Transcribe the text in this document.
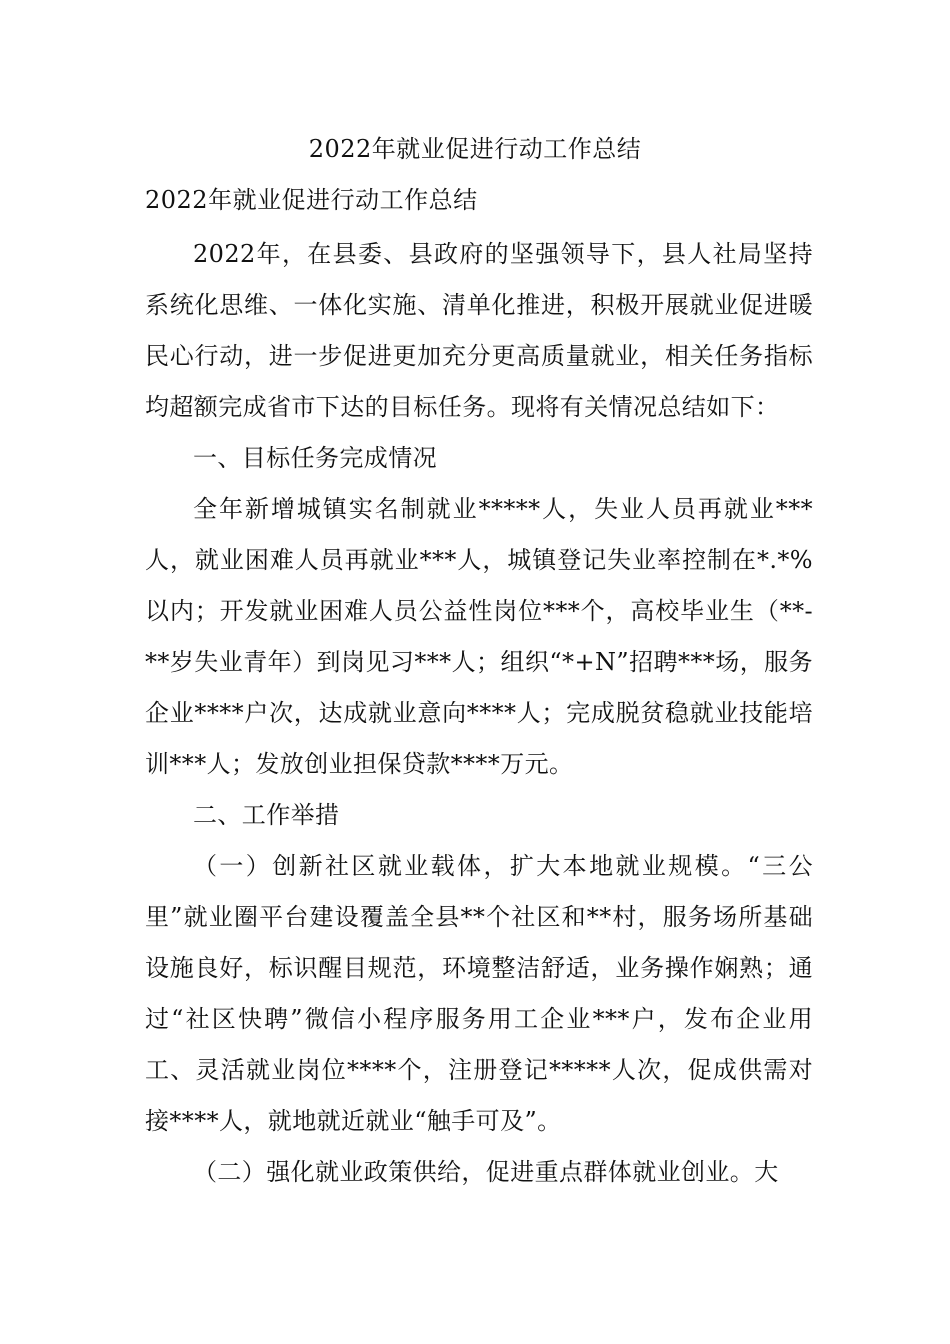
2022年就业促进行动工作总结
2022年就业促进行动工作总结

2022年，在县委、县政府的坚强领导下，县人社局坚持系统化思维、一体化实施、清单化推进，积极开展就业促进暖民心行动，进一步促进更加充分更高质量就业，相关任务指标均超额完成省市下达的目标任务。现将有关情况总结如下：

一、目标任务完成情况

全年新增城镇实名制就业*****人，失业人员再就业***人，就业困难人员再就业***人，城镇登记失业率控制在*.*%以内；开发就业困难人员公益性岗位***个，高校毕业生（**-**岁失业青年）到岗见习***人；组织“*+N”招聘***场，服务企业****户次，达成就业意向****人；完成脱贫稳就业技能培训***人；发放创业担保贷款****万元。

二、工作举措

（一）创新社区就业载体，扩大本地就业规模。“三公里”就业圈平台建设覆盖全县**个社区和**村，服务场所基础设施良好，标识醒目规范，环境整洁舒适，业务操作娴熟；通过“社区快聘”微信小程序服务用工企业***户，发布企业用工、灵活就业岗位****个，注册登记*****人次，促成供需对接****人，就地就近就业“触手可及”。

（二）强化就业政策供给，促进重点群体就业创业。大
